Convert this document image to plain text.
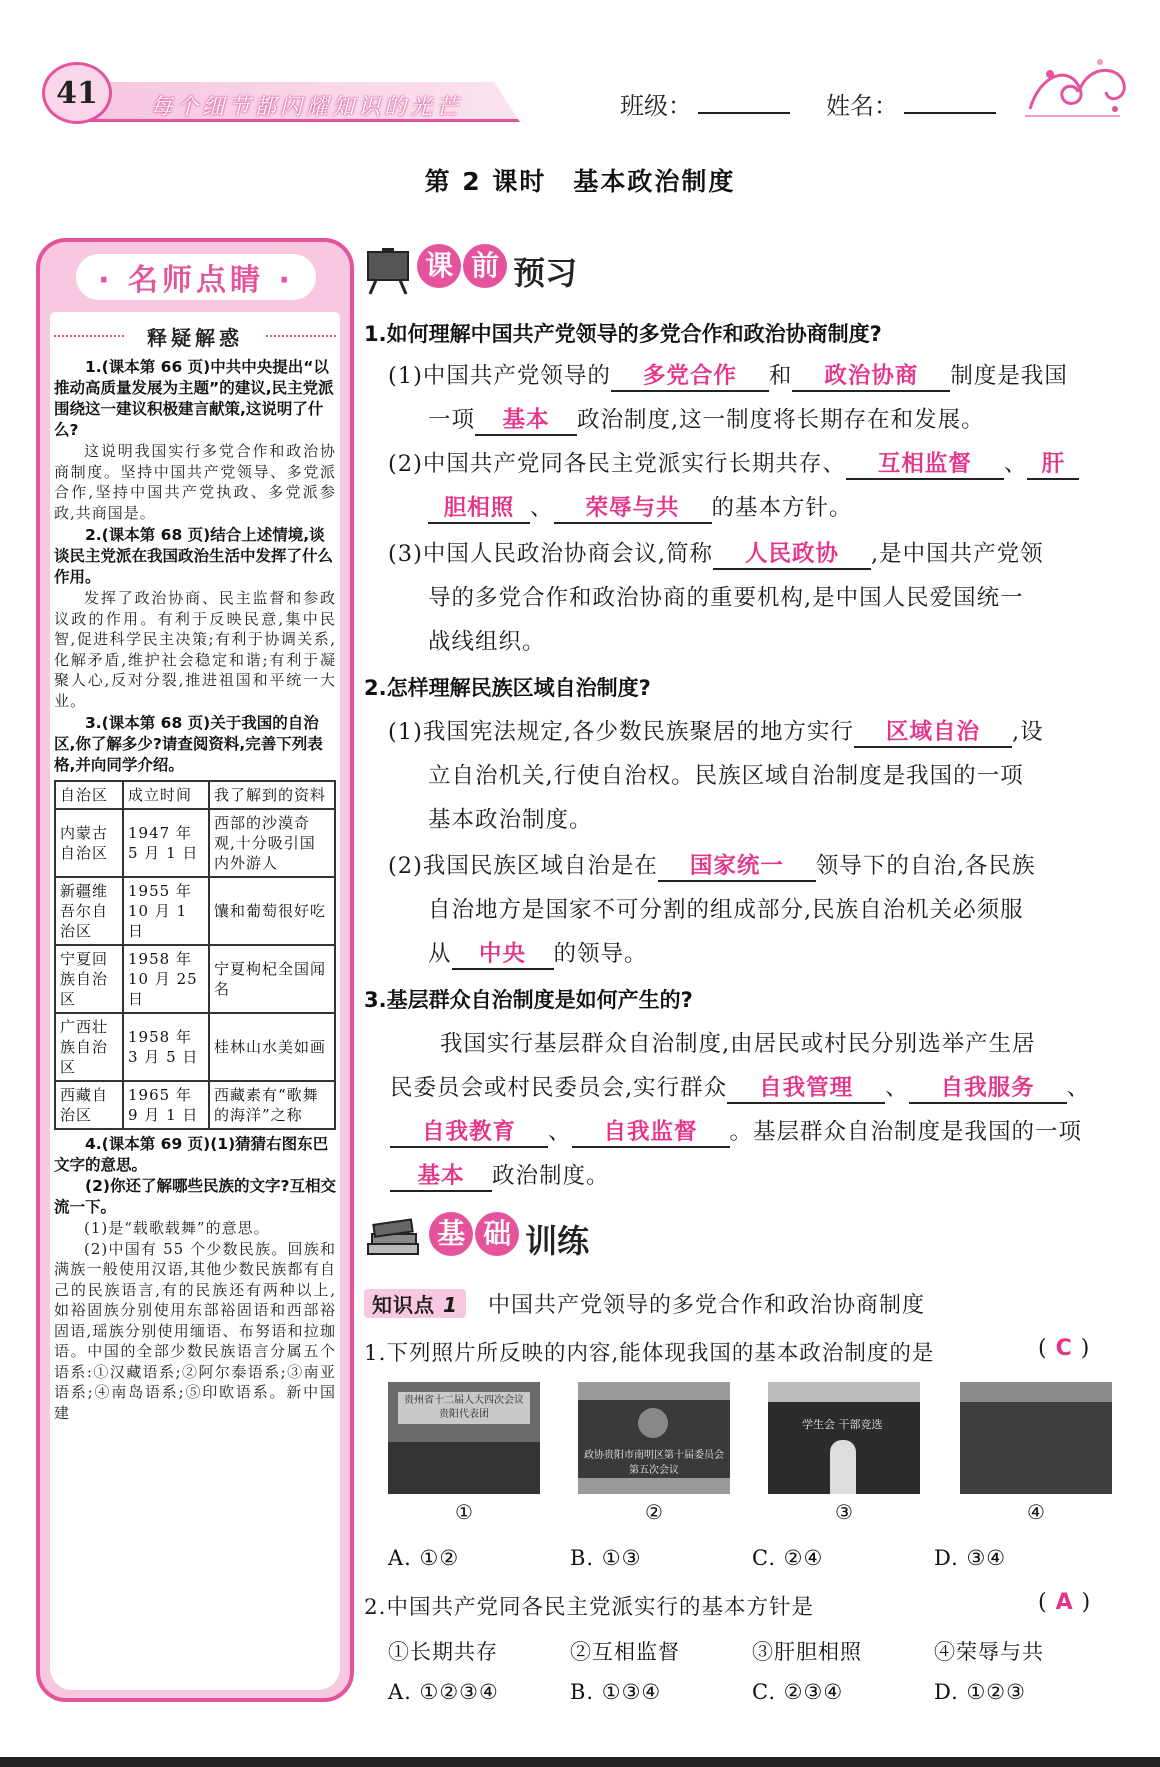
41	每个细节都闪耀知识的光芒	班级：	姓名：
第 2 课时　基本政治制度
· 名师点睛 ·
释疑解惑
1.(课本第 66 页)中共中央提出“以推动高质量发展为主题”的建议,民主党派围绕这一建议积极建言献策,这说明了什么?
这说明我国实行多党合作和政治协商制度。坚持中国共产党领导、多党派合作,坚持中国共产党执政、多党派参政,共商国是。
2.(课本第 68 页)结合上述情境,谈谈民主党派在我国政治生活中发挥了什么作用。
发挥了政治协商、民主监督和参政议政的作用。有利于反映民意,集中民智,促进科学民主决策;有利于协调关系,化解矛盾,维护社会稳定和谐;有利于凝聚人心,反对分裂,推进祖国和平统一大业。
3.(课本第 68 页)关于我国的自治区,你了解多少?请查阅资料,完善下列表格,并向同学介绍。
自治区	成立时间	我了解到的资料
内蒙古自治区	1947 年 5 月 1 日	西部的沙漠奇观,十分吸引国内外游人
新疆维吾尔自治区	1955 年 10 月 1 日	馕和葡萄很好吃
宁夏回族自治区	1958 年 10 月 25 日	宁夏枸杞全国闻名
广西壮族自治区	1958 年 3 月 5 日	桂林山水美如画
西藏自治区	1965 年 9 月 1 日	西藏素有“歌舞的海洋”之称
4.(课本第 69 页)(1)猜猜右图东巴文字的意思。
(2)你还了解哪些民族的文字?互相交流一下。
(1)是“载歌载舞”的意思。
(2)中国有 55 个少数民族。回族和满族一般使用汉语,其他少数民族都有自己的民族语言,有的民族还有两种以上,如裕固族分别使用东部裕固语和西部裕固语,瑶族分别使用缅语、布努语和拉珈语。中国的全部少数民族语言分属五个语系:①汉藏语系;②阿尔泰语系;③南亚语系;④南岛语系;⑤印欧语系。新中国建
课 前 预习
1.如何理解中国共产党领导的多党合作和政治协商制度?
(1)中国共产党领导的 多党合作 和 政治协商 制度是我国
一项 基本 政治制度,这一制度将长期存在和发展。
(2)中国共产党同各民主党派实行长期共存、 互相监督 、 肝
胆相照 、 荣辱与共 的基本方针。
(3)中国人民政治协商会议,简称 人民政协 ,是中国共产党领
导的多党合作和政治协商的重要机构,是中国人民爱国统一
战线组织。
2.怎样理解民族区域自治制度?
(1)我国宪法规定,各少数民族聚居的地方实行 区域自治 ,设
立自治机关,行使自治权。民族区域自治制度是我国的一项
基本政治制度。
(2)我国民族区域自治是在 国家统一 领导下的自治,各民族
自治地方是国家不可分割的组成部分,民族自治机关必须服
从 中央 的领导。
3.基层群众自治制度是如何产生的?
我国实行基层群众自治制度,由居民或村民分别选举产生居
民委员会或村民委员会,实行群众 自我管理 、 自我服务 、
自我教育 、 自我监督 。基层群众自治制度是我国的一项
基本 政治制度。
基 础 训练
知识点 1 中国共产党领导的多党合作和政治协商制度
1.下列照片所反映的内容,能体现我国的基本政治制度的是	( C )
贵州省十二届人大四次会议 贵阳代表团
政协贵阳市南明区第十届委员会第五次会议
学生会 干部竞选
①	②	③	④
A. ①②	B. ①③	C. ②④	D. ③④
2.中国共产党同各民主党派实行的基本方针是	( A )
①长期共存	②互相监督	③肝胆相照	④荣辱与共
A. ①②③④	B. ①③④	C. ②③④	D. ①②③
